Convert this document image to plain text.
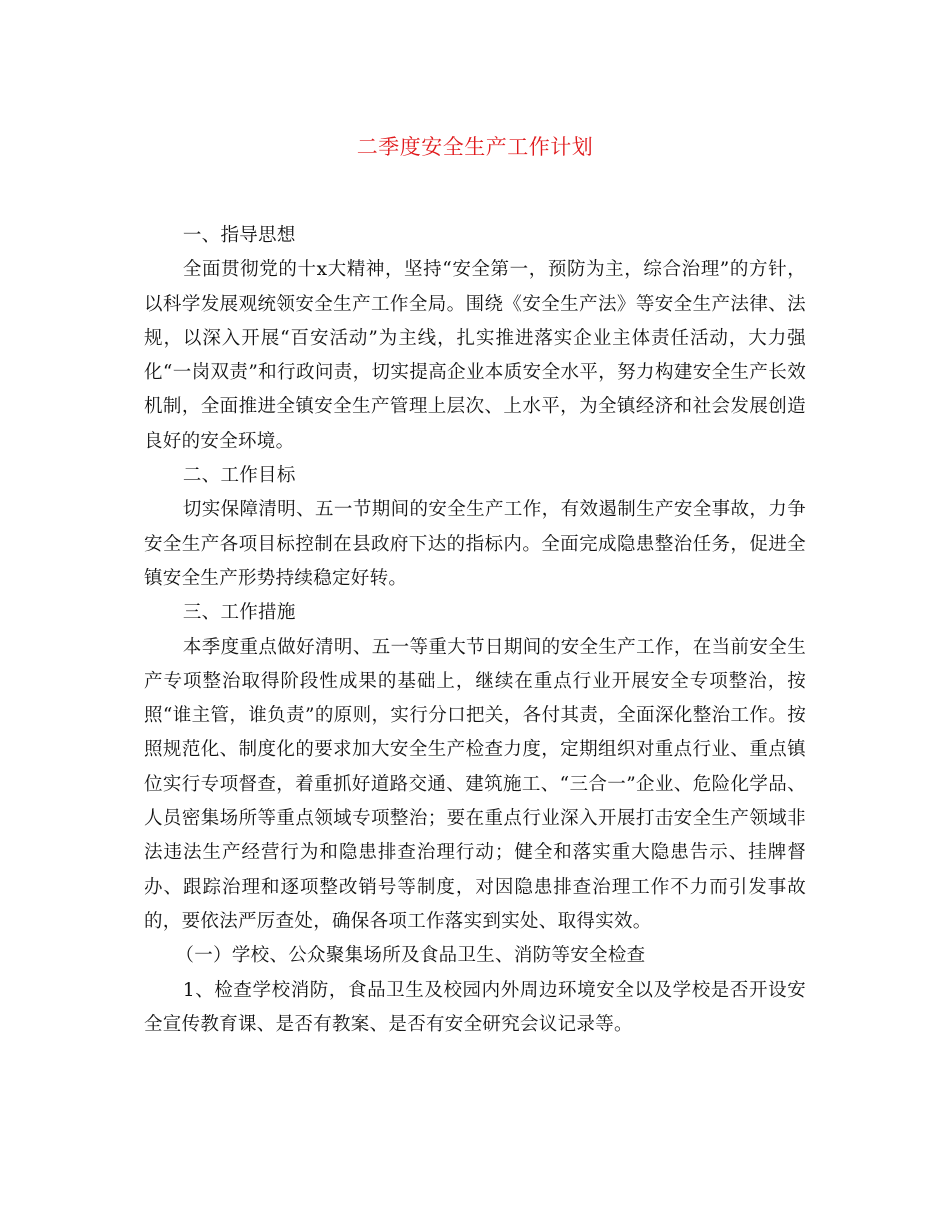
二季度安全生产工作计划

一、指导思想

全面贯彻党的十x大精神，坚持“安全第一，预防为主，综合治理”的方针，以科学发展观统领安全生产工作全局。围绕《安全生产法》等安全生产法律、法规，以深入开展“百安活动”为主线，扎实推进落实企业主体责任活动，大力强化“一岗双责”和行政问责，切实提高企业本质安全水平，努力构建安全生产长效机制，全面推进全镇安全生产管理上层次、上水平，为全镇经济和社会发展创造良好的安全环境。

二、工作目标

切实保障清明、五一节期间的安全生产工作，有效遏制生产安全事故，力争安全生产各项目标控制在县政府下达的指标内。全面完成隐患整治任务，促进全镇安全生产形势持续稳定好转。

三、工作措施

本季度重点做好清明、五一等重大节日期间的安全生产工作，在当前安全生产专项整治取得阶段性成果的基础上，继续在重点行业开展安全专项整治，按照“谁主管，谁负责”的原则，实行分口把关，各付其责，全面深化整治工作。按照规范化、制度化的要求加大安全生产检查力度，定期组织对重点行业、重点镇位实行专项督查，着重抓好道路交通、建筑施工、“三合一”企业、危险化学品、人员密集场所等重点领域专项整治；要在重点行业深入开展打击安全生产领域非法违法生产经营行为和隐患排查治理行动；健全和落实重大隐患告示、挂牌督办、跟踪治理和逐项整改销号等制度，对因隐患排查治理工作不力而引发事故的，要依法严厉查处，确保各项工作落实到实处、取得实效。

（一）学校、公众聚集场所及食品卫生、消防等安全检查

1、检查学校消防，食品卫生及校园内外周边环境安全以及学校是否开设安全宣传教育课、是否有教案、是否有安全研究会议记录等。
